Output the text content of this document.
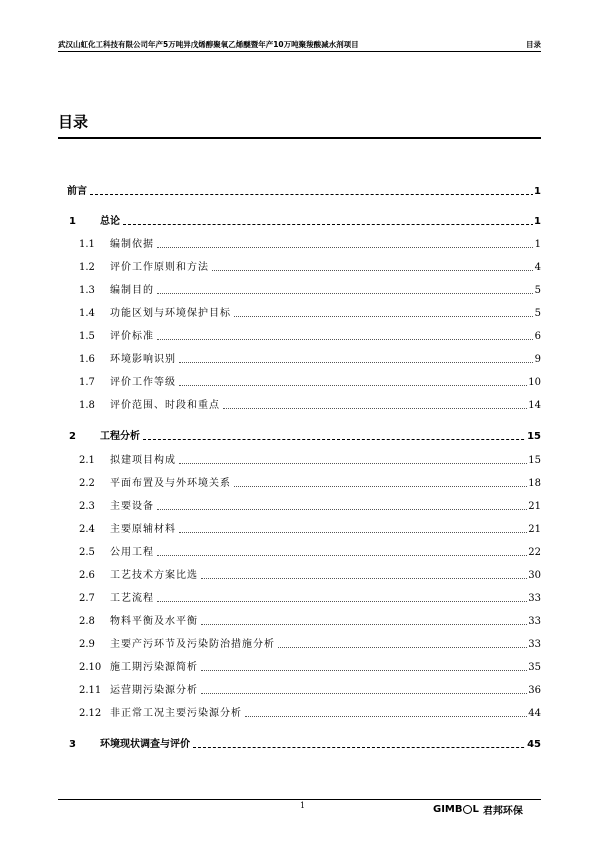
武汉山虹化工科技有限公司年产5万吨异戊烯醇聚氧乙烯醚暨年产10万吨聚羧酸减水剂项目	目录
目录
前言	1
1 总论	1
1.1 编制依据	1
1.2 评价工作原则和方法	4
1.3 编制目的	5
1.4 功能区划与环境保护目标	5
1.5 评价标准	6
1.6 环境影响识别	9
1.7 评价工作等级	10
1.8 评价范围、时段和重点	14
2 工程分析	15
2.1 拟建项目构成	15
2.2 平面布置及与外环境关系	18
2.3 主要设备	21
2.4 主要原辅材料	21
2.5 公用工程	22
2.6 工艺技术方案比选	30
2.7 工艺流程	33
2.8 物料平衡及水平衡	33
2.9 主要产污环节及污染防治措施分析	33
2.10 施工期污染源简析	35
2.11 运营期污染源分析	36
2.12 非正常工况主要污染源分析	44
3 环境现状调查与评价	45
1	GIMB L 君邦环保
